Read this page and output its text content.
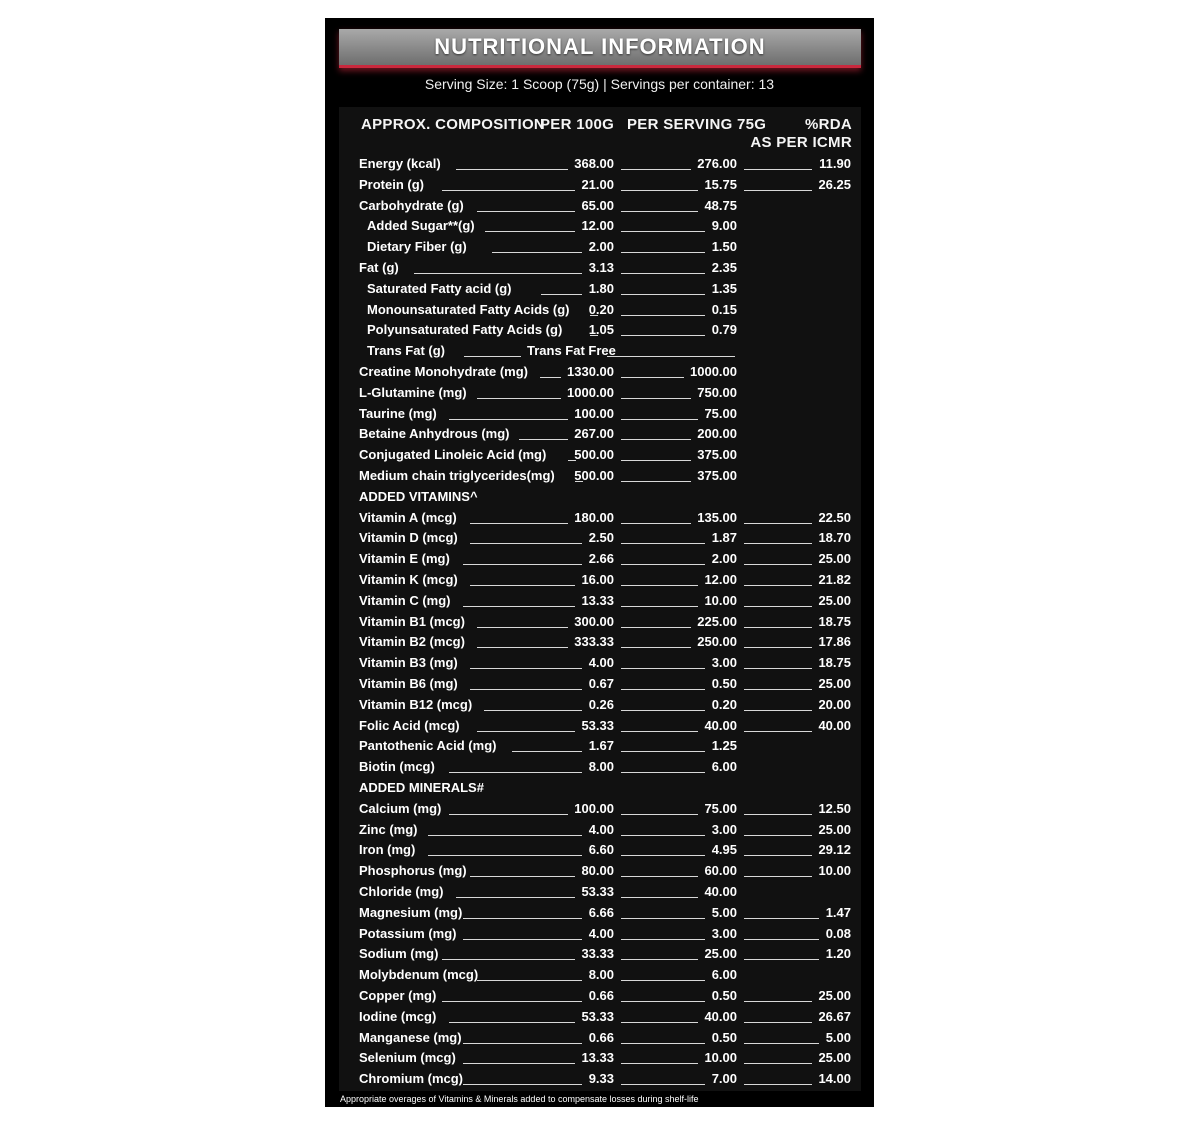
NUTRITIONAL INFORMATION
Serving Size: 1 Scoop (75g) | Servings per container: 13
APPROX. COMPOSITION
PER 100G PER SERVING 75G	%RDA
AS PER ICMR
Energy (kcal)	368.00	276.00	11.90
Protein (g)	21.00	15.75	26.25
Carbohydrate (g)	65.00	48.75
Added Sugar**(g)	12.00	9.00
Dietary Fiber (g)	2.00	1.50
Fat (g)	3.13	2.35
Saturated Fatty acid (g)	1.80	1.35
Monounsaturated Fatty Acids (g) 0.20	0.15
Polyunsaturated Fatty Acids (g) 1.05	0.79
Trans Fat (g)	Trans Fat Free
Creatine Monohydrate (mg)	1330.00	1000.00
L-Glutamine (mg)	1000.00	750.00
Taurine (mg)	100.00	75.00
Betaine Anhydrous (mg)	267.00	200.00
Conjugated Linoleic Acid (mg) 500.00	375.00
Medium chain triglycerides(mg) 500.00	375.00
ADDED VITAMINS^
Vitamin A (mcg)	180.00	135.00	22.50
Vitamin D (mcg)	2.50	1.87	18.70
Vitamin E (mg)	2.66	2.00	25.00
Vitamin K (mcg)	16.00	12.00	21.82
Vitamin C (mg)	13.33	10.00	25.00
Vitamin B1 (mcg)	300.00	225.00	18.75
Vitamin B2 (mcg)	333.33	250.00	17.86
Vitamin B3 (mg)	4.00	3.00	18.75
Vitamin B6 (mg)	0.67	0.50	25.00
Vitamin B12 (mcg)	0.26	0.20	20.00
Folic Acid (mcg)	53.33	40.00	40.00
Pantothenic Acid (mg)	1.67	1.25
Biotin (mcg)	8.00	6.00
ADDED MINERALS#
Calcium (mg)	100.00	75.00	12.50
Zinc (mg)	4.00	3.00	25.00
Iron (mg)	6.60	4.95	29.12
Phosphorus (mg)	80.00	60.00	10.00
Chloride (mg)	53.33	40.00
Magnesium (mg)	6.66	5.00	1.47
Potassium (mg)	4.00	3.00	0.08
Sodium (mg)	33.33	25.00	1.20
Molybdenum (mcg)	8.00	6.00
Copper (mg)	0.66	0.50	25.00
Iodine (mcg)	53.33	40.00	26.67
Manganese (mg)	0.66	0.50	5.00
Selenium (mcg)	13.33	10.00	25.00
Chromium (mcg)	9.33	7.00	14.00
Appropriate overages of Vitamins & Minerals added to compensate losses during shelf-life
